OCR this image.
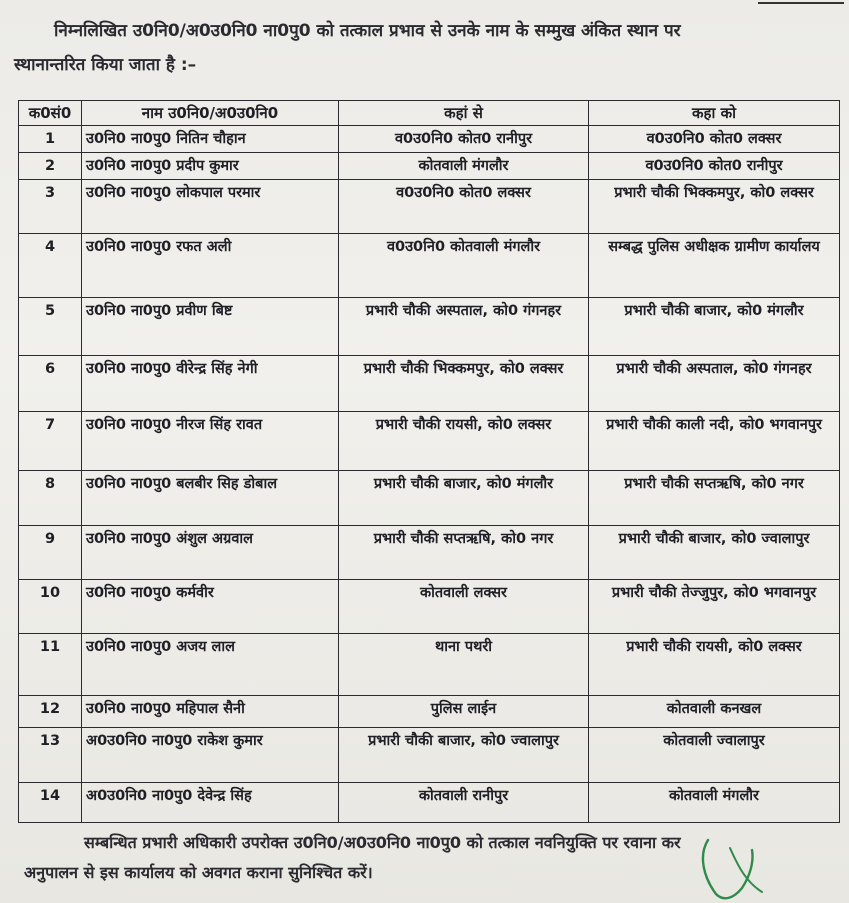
निम्नलिखित उ0नि0/अ0उ0नि0 ना0पु0 को तत्काल प्रभाव से उनके नाम के सम्मुख अंकित स्थान पर
स्थानान्तरित किया जाता है :–
क0सं0	नाम उ0नि0/अ0उ0नि0	कहां से	कहा को
1	उ0नि0 ना0पु0 नितिन चौहान	व0उ0नि0 कोत0 रानीपुर	व0उ0नि0 कोत0 लक्सर
2	उ0नि0 ना0पु0 प्रदीप कुमार	कोतवाली मंगलौर	व0उ0नि0 कोत0 रानीपुर
3	उ0नि0 ना0पु0 लोकपाल परमार	व0उ0नि0 कोत0 लक्सर	प्रभारी चौकी भिक्कमपुर, को0 लक्सर
4	उ0नि0 ना0पु0 रफत अली	व0उ0नि0 कोतवाली मंगलौर	सम्बद्ध पुलिस अधीक्षक ग्रामीण कार्यालय
5	उ0नि0 ना0पु0 प्रवीण बिष्ट	प्रभारी चौकी अस्पताल, को0 गंगनहर	प्रभारी चौकी बाजार, को0 मंगलौर
6	उ0नि0 ना0पु0 वीरेन्द्र सिंह नेगी	प्रभारी चौकी भिक्कमपुर, को0 लक्सर	प्रभारी चौकी अस्पताल, को0 गंगनहर
7	उ0नि0 ना0पु0 नीरज सिंह रावत	प्रभारी चौकी रायसी, को0 लक्सर	प्रभारी चौकी काली नदी, को0 भगवानपुर
8	उ0नि0 ना0पु0 बलबीर सिह डोबाल	प्रभारी चौकी बाजार, को0 मंगलौर	प्रभारी चौकी सप्तऋषि, को0 नगर
9	उ0नि0 ना0पु0 अंशुल अग्रवाल	प्रभारी चौकी सप्तऋषि, को0 नगर	प्रभारी चौकी बाजार, को0 ज्वालापुर
10	उ0नि0 ना0पु0 कर्मवीर	कोतवाली लक्सर	प्रभारी चौकी तेज्जुपुर, को0 भगवानपुर
11	उ0नि0 ना0पु0 अजय लाल	थाना पथरी	प्रभारी चौकी रायसी, को0 लक्सर
12	उ0नि0 ना0पु0 महिपाल सैनी	पुलिस लाईन	कोतवाली कनखल
13	अ0उ0नि0 ना0पु0 राकेश कुमार	प्रभारी चौकी बाजार, को0 ज्वालापुर	कोतवाली ज्वालापुर
14	अ0उ0नि0 ना0पु0 देवेन्द्र सिंह	कोतवाली रानीपुर	कोतवाली मंगलौर
सम्बन्धित प्रभारी अधिकारी उपरोक्त उ0नि0/अ0उ0नि0 ना0पु0 को तत्काल नवनियुक्ति पर रवाना कर
अनुपालन से इस कार्यालय को अवगत कराना सुनिश्चित करें।
